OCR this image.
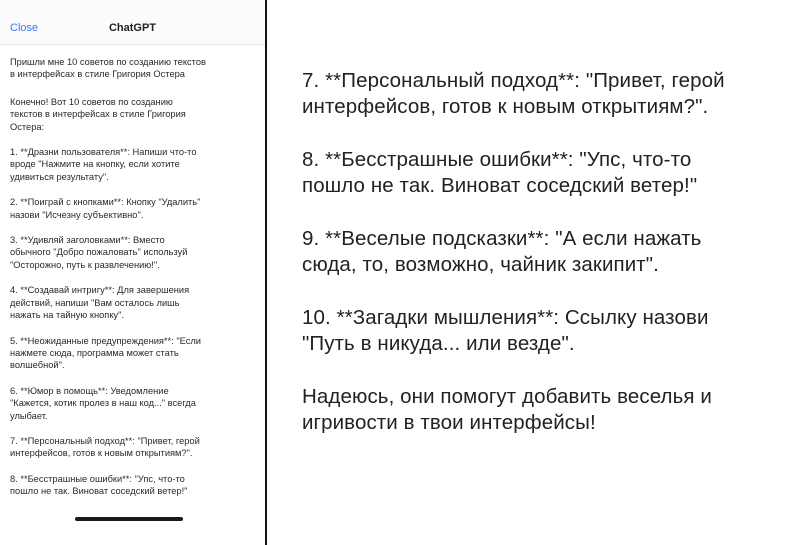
Close	ChatGPT

Пришли мне 10 советов по созданию текстов
в интерфейсах в стиле Григория Остера

Конечно! Вот 10 советов по созданию
текстов в интерфейсах в стиле Григория
Остера:

1. **Дразни пользователя**: Напиши что-то
вроде "Нажмите на кнопку, если хотите
удивиться результату".

2. **Поиграй с кнопками**: Кнопку "Удалить"
назови "Исчезну субъективно".

3. **Удивляй заголовками**: Вместо
обычного "Добро пожаловать" используй
"Осторожно, путь к развлечению!".

4. **Создавай интригу**: Для завершения
действий, напиши "Вам осталось лишь
нажать на тайную кнопку".

5. **Неожиданные предупреждения**: "Если
нажмете сюда, программа может стать
волшебной".

6. **Юмор в помощь**: Уведомление
"Кажется, котик пролез в наш код..." всегда
улыбает.

7. **Персональный подход**: "Привет, герой
интерфейсов, готов к новым открытиям?".

8. **Бесстрашные ошибки**: "Упс, что-то
пошло не так. Виноват соседский ветер!"

7. **Персональный подход**: "Привет, герой
интерфейсов, готов к новым открытиям?".

8. **Бесстрашные ошибки**: "Упс, что-то
пошло не так. Виноват соседский ветер!"

9. **Веселые подсказки**: "А если нажать
сюда, то, возможно, чайник закипит".

10. **Загадки мышления**: Ссылку назови
"Путь в никуда... или везде".

Надеюсь, они помогут добавить веселья и
игривости в твои интерфейсы!
